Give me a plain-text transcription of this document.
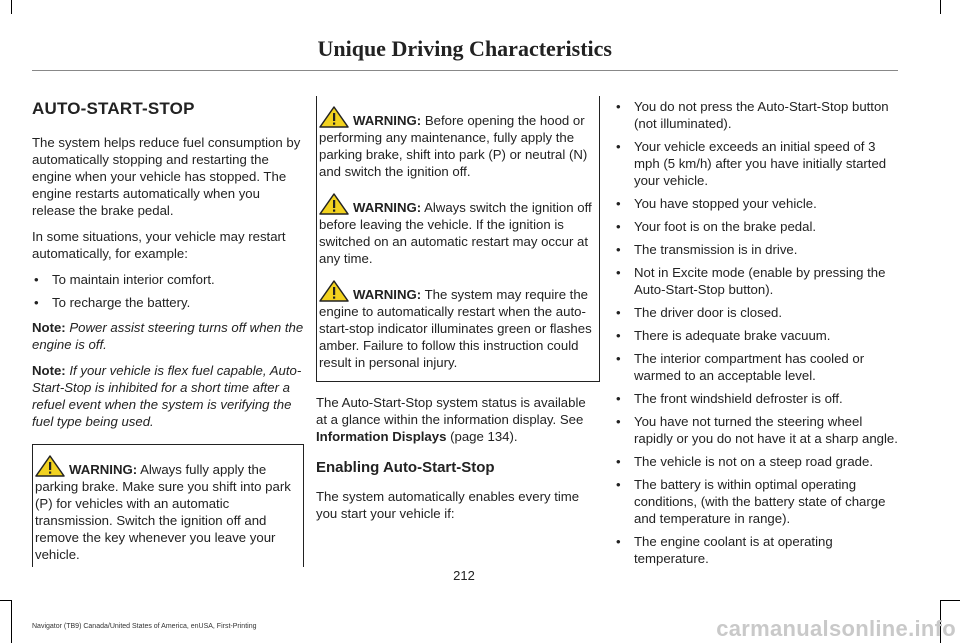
Unique Driving Characteristics
AUTO-START-STOP

The system helps reduce fuel consumption by automatically stopping and restarting the engine when your vehicle has stopped. The engine restarts automatically when you release the brake pedal.

In some situations, your vehicle may restart automatically, for example:

• To maintain interior comfort.
• To recharge the battery.

Note: Power assist steering turns off when the engine is off.

Note: If your vehicle is flex fuel capable, Auto-Start-Stop is inhibited for a short time after a refuel event when the system is verifying the fuel type being used.

WARNING: Always fully apply the parking brake. Make sure you shift into park (P) for vehicles with an automatic transmission. Switch the ignition off and remove the key whenever you leave your vehicle.
WARNING: Before opening the hood or performing any maintenance, fully apply the parking brake, shift into park (P) or neutral (N) and switch the ignition off.
WARNING: Always switch the ignition off before leaving the vehicle. If the ignition is switched on an automatic restart may occur at any time.
WARNING: The system may require the engine to automatically restart when the auto-start-stop indicator illuminates green or flashes amber. Failure to follow this instruction could result in personal injury.

The Auto-Start-Stop system status is available at a glance within the information display. See Information Displays (page 134).

Enabling Auto-Start-Stop

The system automatically enables every time you start your vehicle if:

• You do not press the Auto-Start-Stop button (not illuminated).
• Your vehicle exceeds an initial speed of 3 mph (5 km/h) after you have initially started your vehicle.
• You have stopped your vehicle.
• Your foot is on the brake pedal.
• The transmission is in drive.
• Not in Excite mode (enable by pressing the Auto-Start-Stop button).
• The driver door is closed.
• There is adequate brake vacuum.
• The interior compartment has cooled or warmed to an acceptable level.
• The front windshield defroster is off.
• You have not turned the steering wheel rapidly or you do not have it at a sharp angle.
• The vehicle is not on a steep road grade.
• The battery is within optimal operating conditions, (with the battery state of charge and temperature in range).
• The engine coolant is at operating temperature.
212
Navigator (TB9) Canada/United States of America, enUSA, First-Printing	carmanualsonline.info
